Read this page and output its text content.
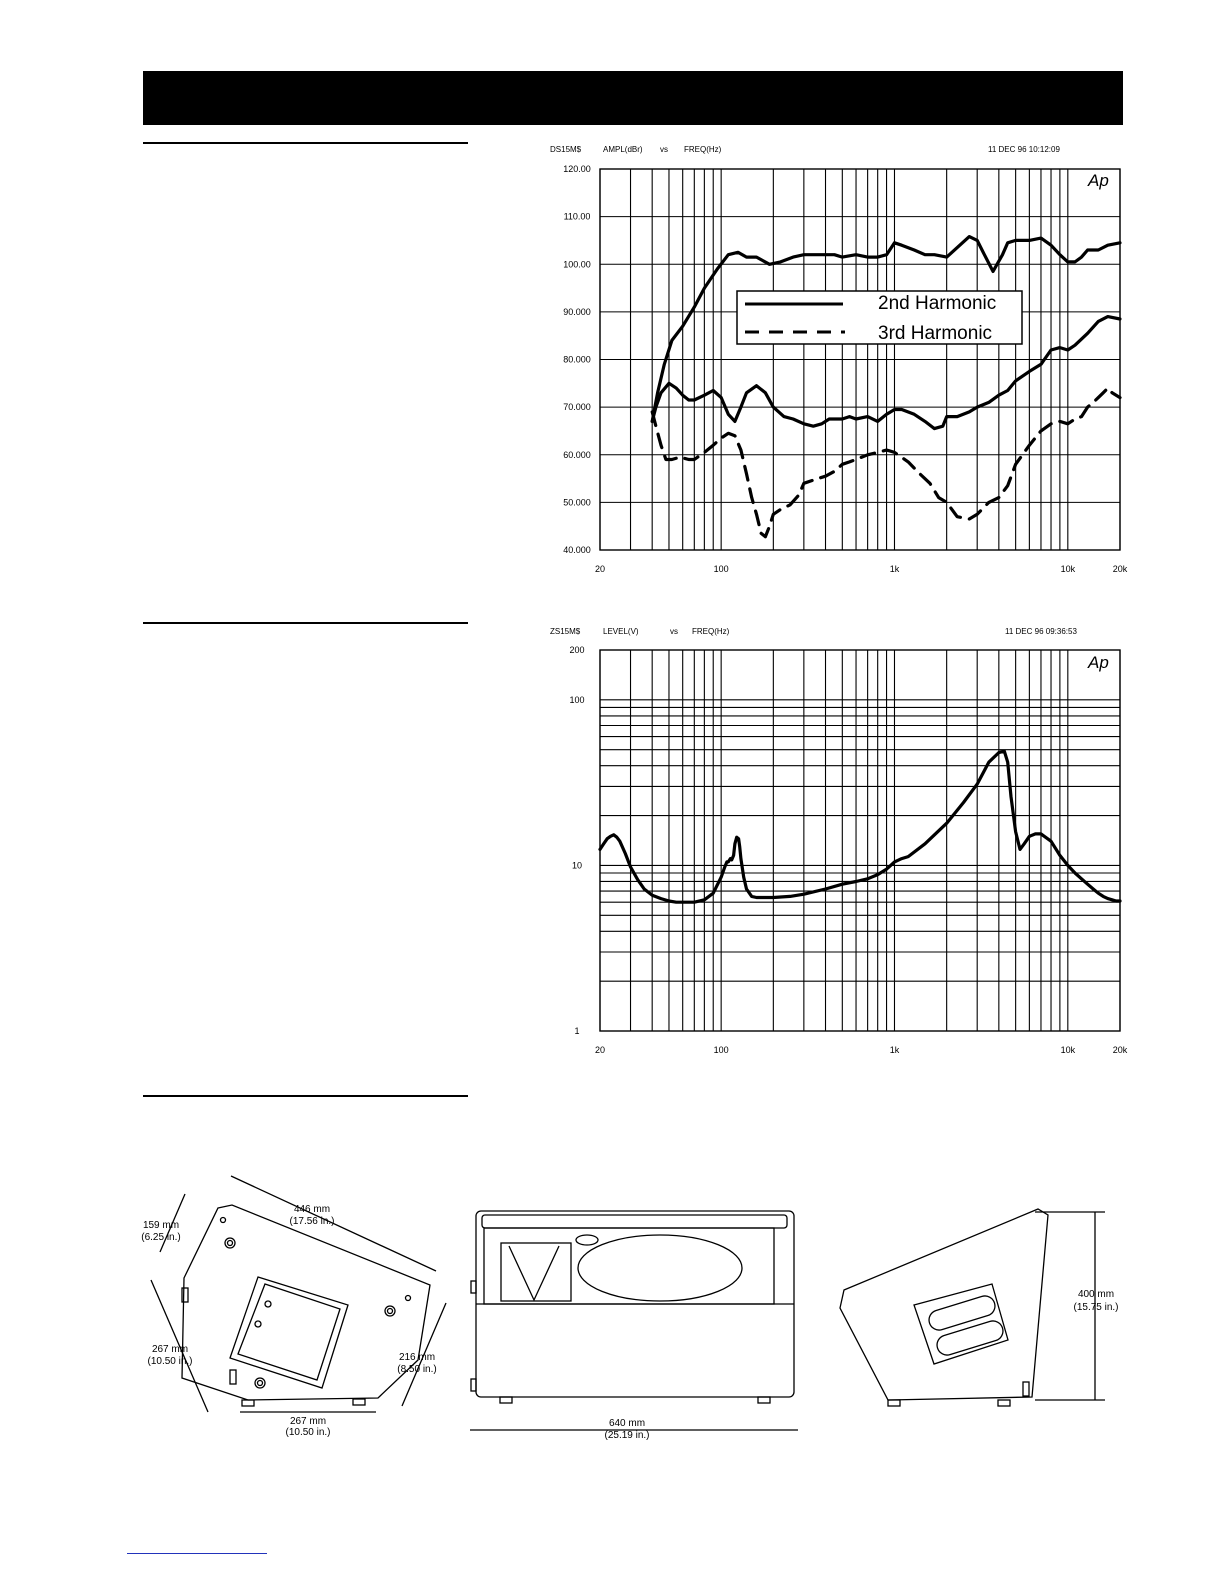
DS15M$	AMPL(dBr) vs FREQ(Hz)	11 DEC 96 10:12:09
20	100	1k	10k	20k
120.00
110.00
100.00
90.000
80.000
70.000
60.000
50.000
40.000
Ap
2nd Harmonic
3rd Harmonic
ZS15M$	LEVEL(V)	vs FREQ(Hz)	11 DEC 96 09:36:53
20	100	1k	10k	20k
200
100
10
1
Ap
446 mm
(17.56 in.)
159 mm
(6.25 in.)
267 mm
(10.50 in.)	216 mm
(8.50 in.)
267 mm
(10.50 in.)
640 mm
(25.19 in.)
400 mm
(15.75 in.)
